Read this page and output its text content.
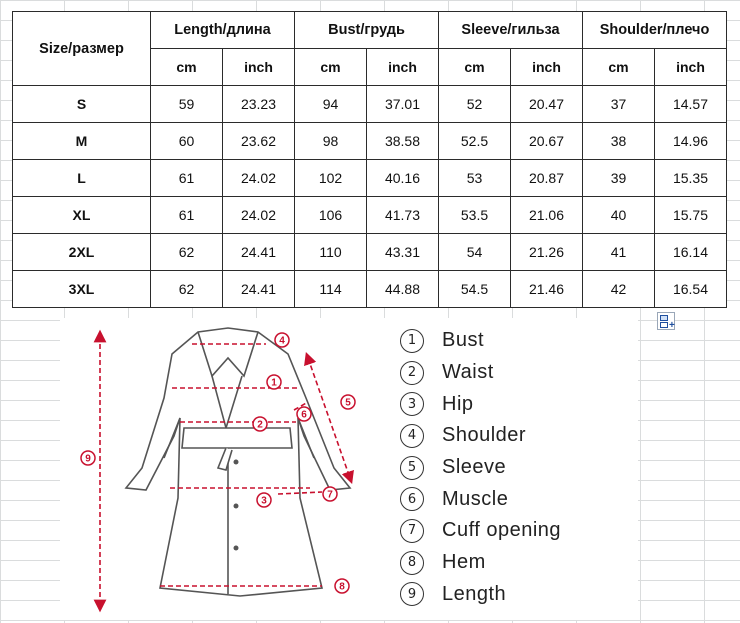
Size/размер	Length/длина		Bust/грудь		Sleeve/гильза		Shoulder/плечо	
	cm	inch	cm	inch	cm	inch	cm	inch
S	59	23.23	94	37.01	52	20.47	37	14.57
M	60	23.62	98	38.58	52.5	20.67	38	14.96
L	61	24.02	102	40.16	53	20.87	39	15.35
XL	61	24.02	106	41.73	53.5	21.06	40	15.75
2XL	62	24.41	110	43.31	54	21.26	41	16.14
3XL	62	24.41	114	44.88	54.5	21.46	42	16.54
1
2
3
4
5
6
7
8
9
1	Bust
2	Waist
3	Hip
4	Shoulder
5	Sleeve
6	Muscle
7	Cuff opening
8	Hem
9	Length
+
